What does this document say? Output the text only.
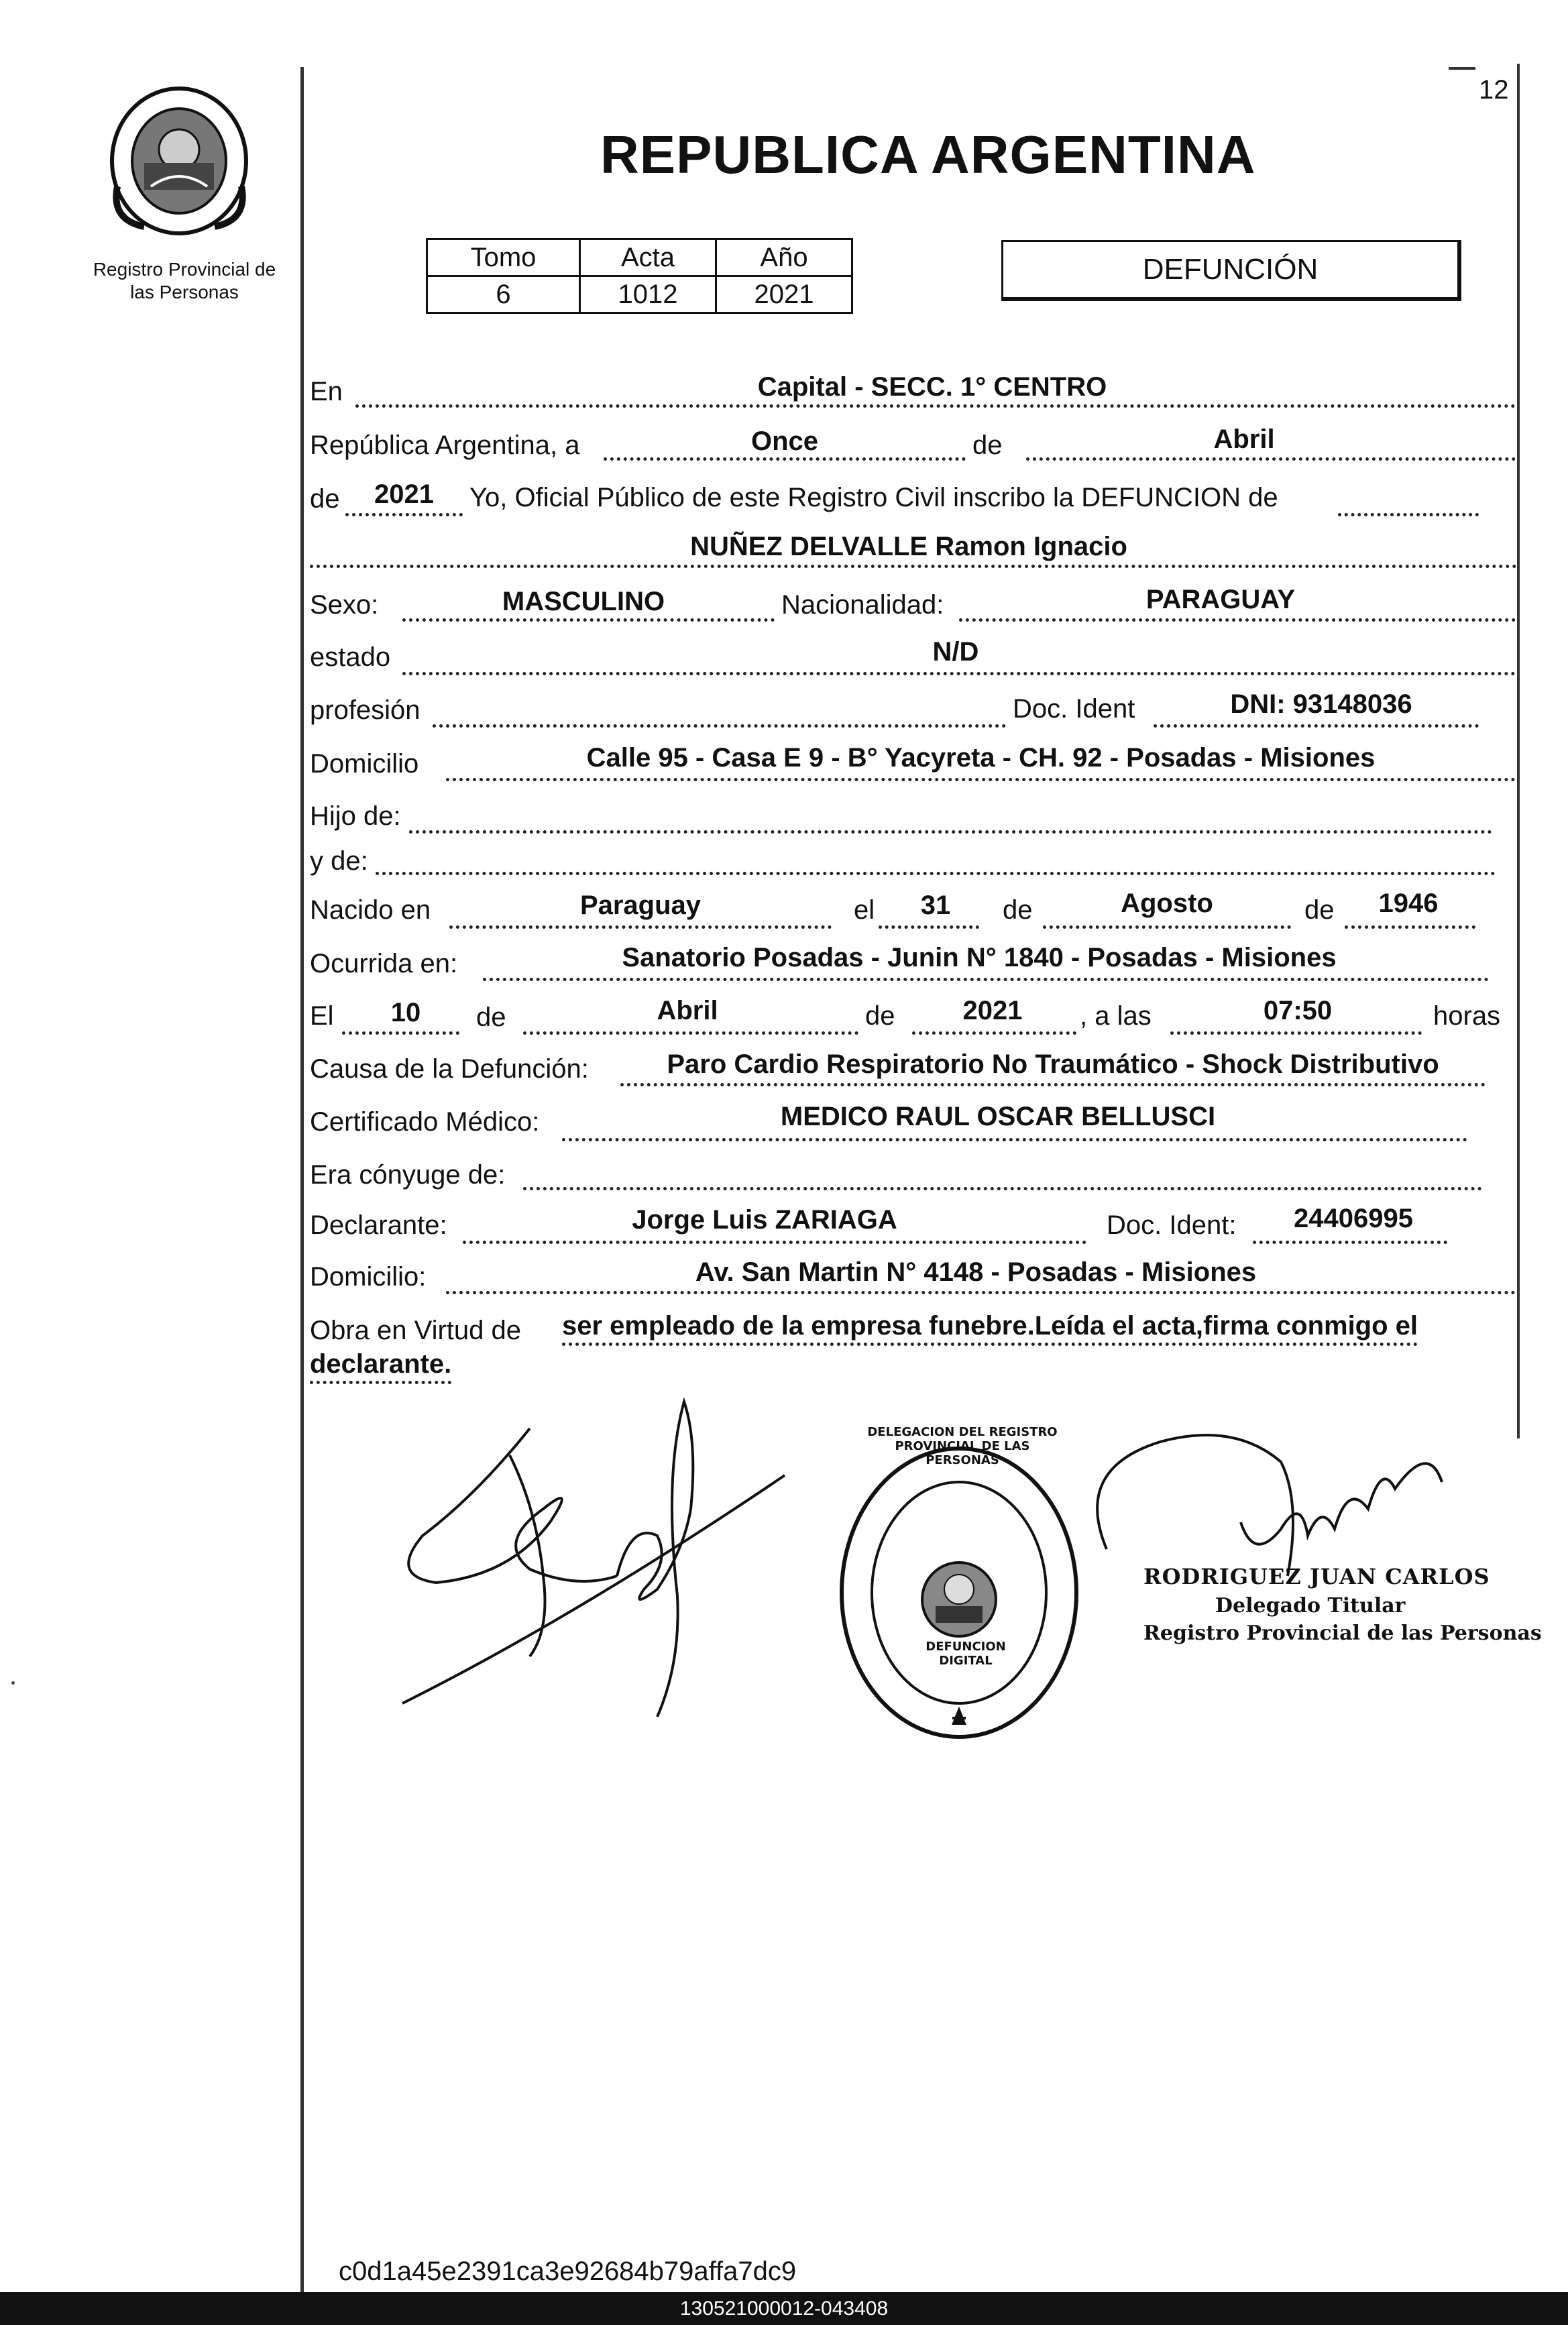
12
Registro Provincial de las Personas
REPUBLICA ARGENTINA
Tomo	Acta	Año
6	1012	2021
DEFUNCIÓN
En	Capital - SECC. 1° CENTRO
República Argentina, a	Once	de	Abril
de	2021	Yo, Oficial Público de este Registro Civil inscribo la DEFUNCION de
NUÑEZ DELVALLE Ramon Ignacio
Sexo:	MASCULINO	Nacionalidad:	PARAGUAY
estado	N/D
profesión	Doc. Ident	DNI: 93148036
Domicilio	Calle 95 - Casa E 9 - B° Yacyreta - CH. 92 - Posadas - Misiones
Hijo de:
y de:
Nacido en	Paraguay	el	31	de	Agosto	de	1946
Ocurrida en:	Sanatorio Posadas - Junin N° 1840 - Posadas - Misiones
El	10	de	Abril	de	2021	, a las	07:50	horas
Causa de la Defunción:	Paro Cardio Respiratorio No Traumático - Shock Distributivo
Certificado Médico:	MEDICO RAUL OSCAR BELLUSCI
Era cónyuge de:
Declarante:	Jorge Luis ZARIAGA	Doc. Ident:	24406995
Domicilio:	Av. San Martin N° 4148 - Posadas - Misiones
Obra en Virtud de ser empleado de la empresa funebre.Leída el acta,firma conmigo el
declarante.
DELEGACION DEL REGISTRO PROVINCIAL DE LAS PERSONAS
DEFUNCION DIGITAL
RODRIGUEZ JUAN CARLOS
Delegado Titular
Registro Provincial de las Personas
c0d1a45e2391ca3e92684b79affa7dc9
130521000012-043408
